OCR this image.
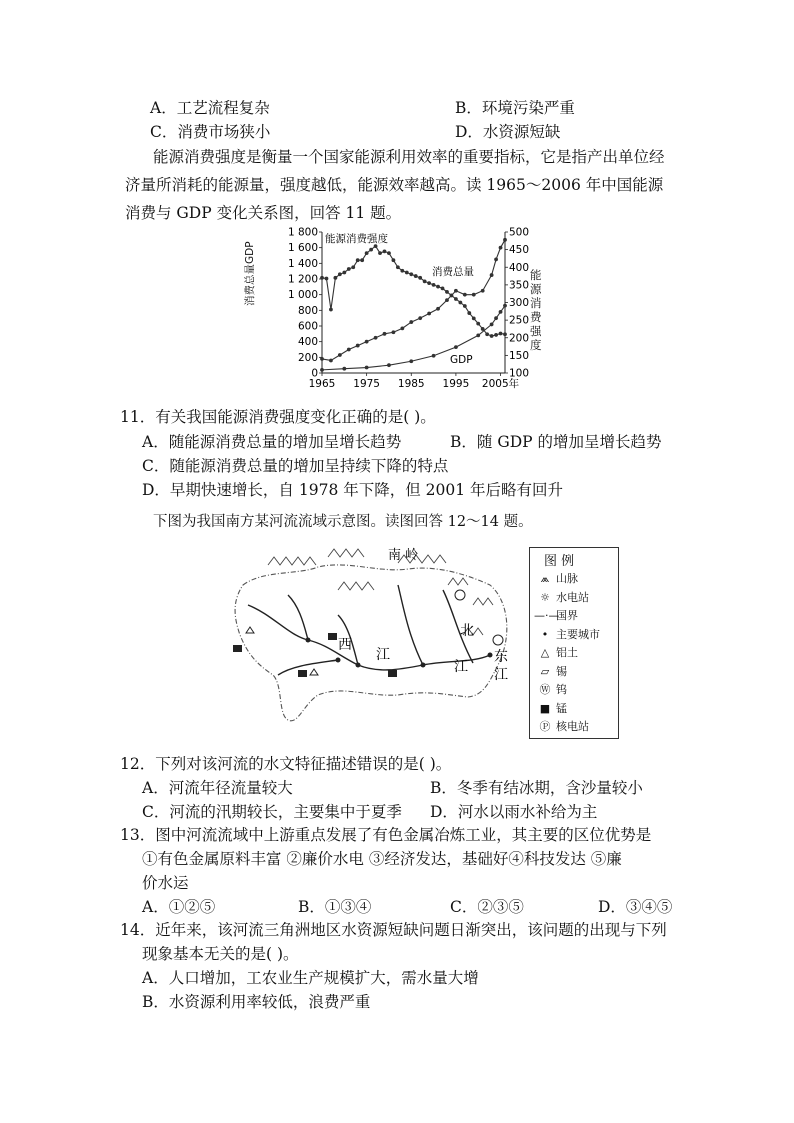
A．工艺流程复杂	B．环境污染严重
C．消费市场狭小	D．水资源短缺
能源消费强度是衡量一个国家能源利用效率的重要指标，它是指产出单位经济量所消耗的能源量，强度越低，能源效率越高。读 1965～2006 年中国能源消费与 GDP 变化关系图，回答 11 题。
1 800
1 600
1 400
1 200
1 000
800
600
400
200
0
500
450
400
350
300
250
200
150
100
1965 1975 1985 1995 2005年
能源消费强度
消费总量
GDP
消费总量GDP	能源消费强度
11．有关我国能源消费强度变化正确的是( )。
A．随能源消费总量的增加呈增长趋势	B．随 GDP 的增加呈增长趋势
C．随能源消费总量的增加呈持续下降的特点
D．早期快速增长，自 1978 年下降，但 2001 年后略有回升
下图为我国南方某河流流域示意图。读图回答 12～14 题。
南 岭
西
江
北
江
东
江
图 例
⩕ 山脉
☼ 水电站
—·—国界
• 主要城市
△ 铝土
▱ 锡
Ⓦ 钨
■ 锰
Ⓟ 核电站
12．下列对该河流的水文特征描述错误的是( )。
A．河流年径流量较大	B．冬季有结冰期，含沙量较小
C．河流的汛期较长，主要集中于夏季 D．河水以雨水补给为主
13．图中河流流域中上游重点发展了有色金属冶炼工业，其主要的区位优势是
①有色金属原料丰富 ②廉价水电 ③经济发达，基础好④科技发达 ⑤廉
价水运
A．①②⑤	B．①③④	C．②③⑤	D．③④⑤
14．近年来，该河流三角洲地区水资源短缺问题日渐突出，该问题的出现与下列
现象基本无关的是( )。
A．人口增加，工农业生产规模扩大，需水量大增
B．水资源利用率较低，浪费严重
